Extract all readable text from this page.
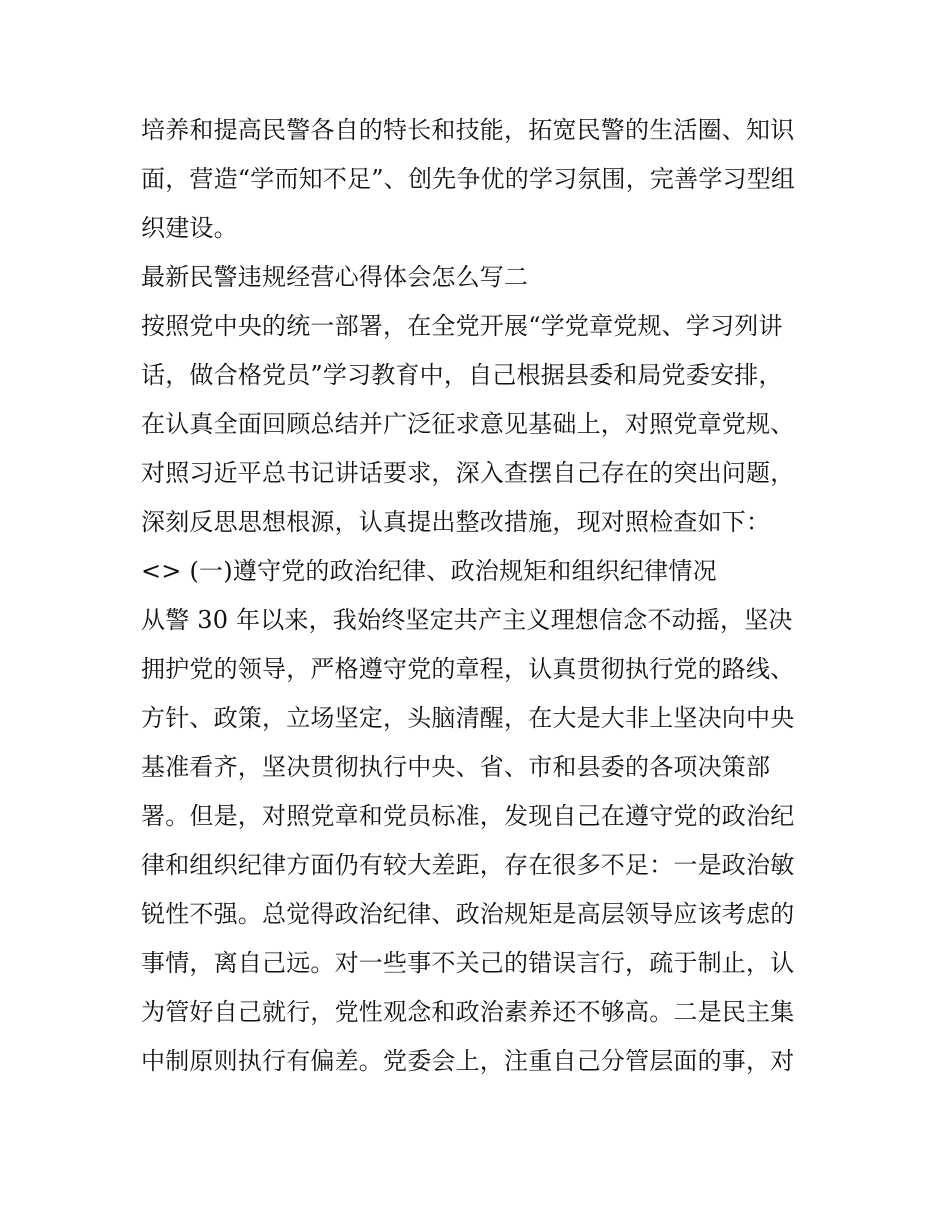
培养和提高民警各自的特长和技能，拓宽民警的生活圈、知识
面，营造“学而知不足”、创先争优的学习氛围，完善学习型组
织建设。
最新民警违规经营心得体会怎么写二
按照党中央的统一部署，在全党开展“学党章党规、学习列讲
话，做合格党员”学习教育中，自己根据县委和局党委安排，
在认真全面回顾总结并广泛征求意见基础上，对照党章党规、
对照习近平总书记讲话要求，深入查摆自己存在的突出问题，
深刻反思思想根源，认真提出整改措施，现对照检查如下：
<> (一)遵守党的政治纪律、政治规矩和组织纪律情况
从警 30 年以来，我始终坚定共产主义理想信念不动摇，坚决
拥护党的领导，严格遵守党的章程，认真贯彻执行党的路线、
方针、政策，立场坚定，头脑清醒，在大是大非上坚决向中央
基准看齐，坚决贯彻执行中央、省、市和县委的各项决策部
署。但是，对照党章和党员标准，发现自己在遵守党的政治纪
律和组织纪律方面仍有较大差距，存在很多不足：一是政治敏
锐性不强。总觉得政治纪律、政治规矩是高层领导应该考虑的
事情，离自己远。对一些事不关己的错误言行，疏于制止，认
为管好自己就行，党性观念和政治素养还不够高。二是民主集
中制原则执行有偏差。党委会上，注重自己分管层面的事，对
